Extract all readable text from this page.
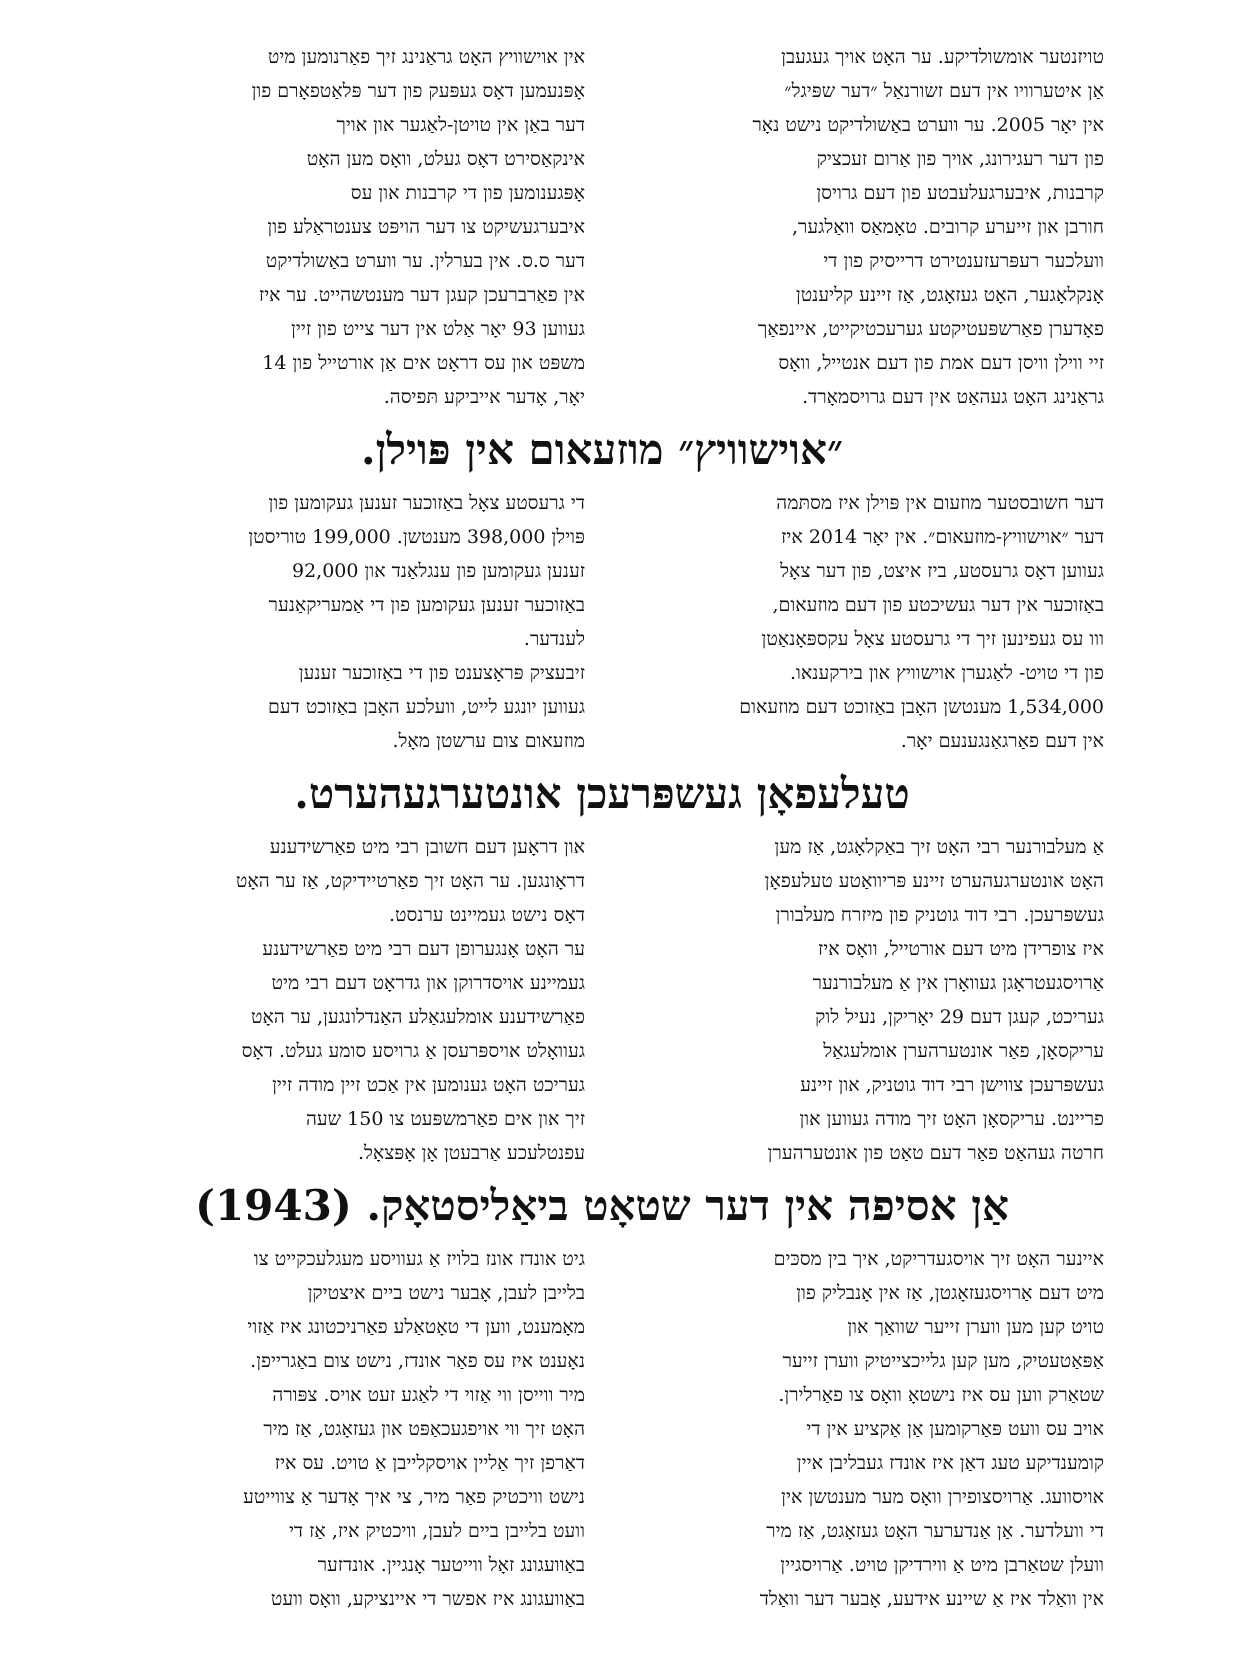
טויזנטער אומשולדיקע. ער האָט אויך געגעבן
אַן איטערוויו אין דעם זשורנאַל ״דער שפּיגל״
אין יאָר 2005. ער ווערט באַשולדיקט נישט נאָר
פון דער רעגירונג, אויך פון אַרום זעכציק
קרבנות, איבערגעלעבטע פון דעם גרויסן
חורבן און זייערע קרובים. טאָמאַס וואַלגער,
וועלכער רעפּרעזענטירט דרייסיק פון די
אָנקלאָגער, האָט געזאָגט, אַז זיינע קליענטן
פאָדערן פאַרשפּעטיקטע גערעכטיקייט, איינפאַך
זיי ווילן וויסן דעם אמת פון דעם אנטייל, וואָס
גראַנינג האָט געהאַט אין דעם גרויסמאָרד.
אין אוישוויץ האָט גראַנינג זיך פאַרנומען מיט
אָפּנעמען דאָס געפּעק פון דער פּלאַטפאָרם פון
דער באַן אין טויטן-לאַגער און אויך
אינקאַסירט דאָס געלט, וואָס מען האָט
אָפּגענומען פון די קרבנות און עס
איבערגעשיקט צו דער הויפּט צענטראַלע פון
דער ס.ס. אין בערלין. ער ווערט באַשולדיקט
אין פאַרברעכן קעגן דער מענטשהייט. ער איז
געווען 93 יאָר אַלט אין דער צייט פון זיין
משפּט און עס דראָט אים אַן אורטייל פון 14
יאָר, אָדער אייביקע תּפיסה.
״אוישוויץ״ מוזעאום אין פּוילן.
דער חשובסטער מוזעום אין פּוילן איז מסתּמה
דער ״אוישוויץ-מוזעאום״. אין יאָר 2014 איז
געווען דאָס גרעסטע, ביז איצט, פון דער צאָל
באַזוכער אין דער געשיכטע פון דעם מוזעאום,
ווו עס געפינען זיך די גרעסטע צאָל עקספּאָנאַטן
פון די טויט- לאַגערן אוישוויץ און בירקענאו.
1,534,000 מענטשן האָבן באַזוכט דעם מוזעאום
אין דעם פאַרגאַנגענעם יאָר.
די גרעסטע צאָל באַזוכער זענען געקומען פון
פּוילן 398,000 מענטשן. 199,000 טוריסטן
זענען געקומען פון ענגלאַנד און 92,000
באַזוכער זענען געקומען פון די אַמעריקאַנער
לענדער.
זיבעציק פּראָצענט פון די באַזוכער זענען
געווען יונגע לייט, וועלכע האָבן באַזוכט דעם
מוזעאום צום ערשטן מאָל.
טעלעפאָן געשפּרעכן אונטערגעהערט.
אַ מעלבורנער רבי האָט זיך באַקלאָגט, אַז מען
האָט אונטערגעהערט זיינע פּריוואַטע טעלעפאָן
געשפּרעכן. רבי דוד גוטניק פון מיזרח מעלבורן
איז צופרידן מיט דעם אורטייל, וואָס איז
אַרויסגעטראָגן געוואָרן אין אַ מעלבורנער
געריכט, קעגן דעם 29 יאָריקן, נעיל לוק
עריקסאָן, פאַר אונטערהערן אומלעגאַל
געשפּרעכן צווישן רבי דוד גוטניק, און זיינע
פריינט. עריקסאָן האָט זיך מודה געווען און
חרטה געהאַט פאַר דעם טאַט פון אונטערהערן
און דראָען דעם חשובן רבי מיט פאַרשידענע
דראָונגען. ער האָט זיך פאַרטיידיקט, אַז ער האָט
דאָס נישט געמיינט ערנסט.
ער האָט אָנגערופן דעם רבי מיט פאַרשידענע
געמיינע אויסדרוקן און גדראָט דעם רבי מיט
פאַרשידענע אומלעגאַלע האַנדלונגען, ער האָט
געוואָלט אויספּרעסן אַ גרויסע סומע געלט. דאָס
געריכט האָט גענומען אין אַכט זיין מודה זיין
זיך און אים פאַרמשפּעט צו 150 שעה
עפנטלעכע אַרבעטן אָן אָפּצאָל.
אַן אסיפה אין דער שטאָט ביאַליסטאָק. (1943)
איינער האָט זיך אויסגעדריקט, איך בין מסכּים
מיט דעם אַרויסגעזאָגטן, אַז אין אָנבליק פון
טויט קען מען ווערן זייער שוואַך און
אַפּאַטעטיק, מען קען גלייכצייטיק ווערן זייער
שטאַרק ווען עס איז נישטאָ וואָס צו פאַרלירן.
אויב עס וועט פּאַרקומען אַן אַקציע אין די
קומענדיקע טעג דאַן איז אונדז געבליבן איין
אויסוועג. אַרויסצופירן וואָס מער מענטשן אין
די וועלדער. אַן אַנדערער האָט געזאָגט, אַז מיר
וועלן שטאַרבן מיט אַ ווירדיקן טויט. אַרויסגיין
אין וואַלד איז אַ שיינע אידעע, אָבער דער וואַלד
גיט אונדז אונז בלויז אַ געוויסע מעגלעכקייט צו
בלייבן לעבן, אָבער נישט ביים איצטיקן
מאָמענט, ווען די טאָטאַלע פאַרניכטונג איז אַזוי
נאָענט איז עס פאַר אונדז, נישט צום באַגרייפן.
מיר ווייסן ווי אַזוי די לאַגע זעט אויס. צפּורה
האָט זיך ווי אויפגעכאַפּט און געזאָגט, אַז מיר
דאַרפן זיך אַליין אויסקלייבן אַ טויט. עס איז
נישט וויכטיק פאַר מיר, צי איך אָדער אַ צווייטע
וועט בלייבן ביים לעבן, וויכטיק איז, אַז די
באַוועגונג זאָל ווייטער אָנגיין. אונדזער
באַוועגונג איז אפשר די איינציקע, וואָס וועט
